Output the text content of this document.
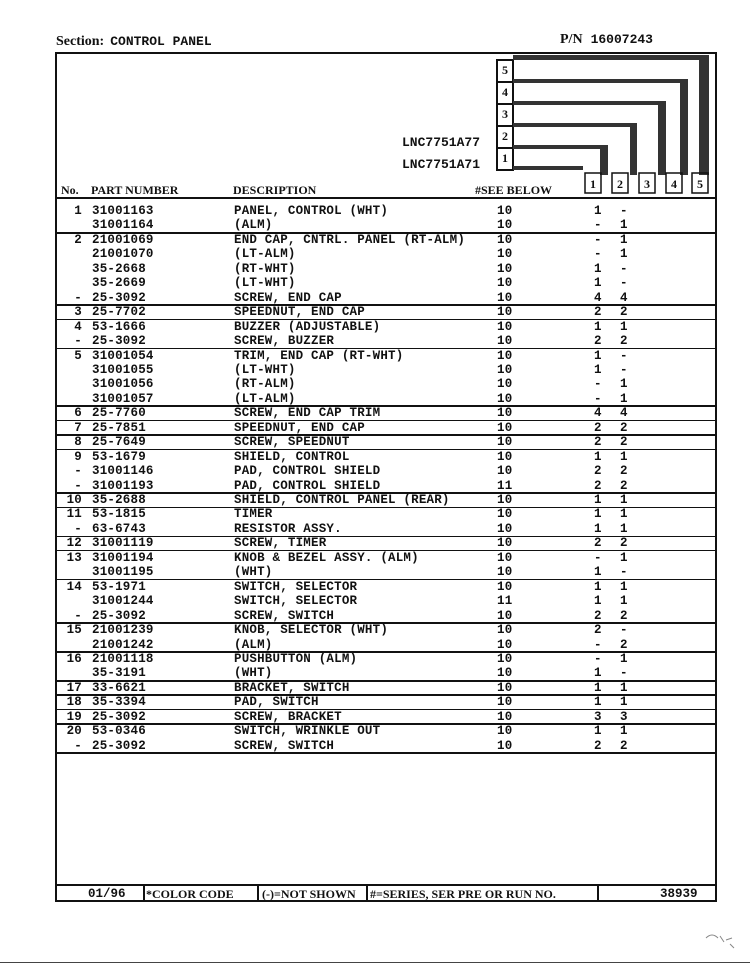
Section: CONTROL PANEL	P/N 16007243
5
4
3
2
1
LNC7751A77
LNC7751A71
No. PART NUMBER	DESCRIPTION	#SEE BELOW	1 2 3 4 5
1 31001163	PANEL, CONTROL (WHT)	10	1 -
31001164	(ALM)	10	- 1
2 21001069	END CAP, CNTRL. PANEL (RT-ALM)	10	- 1
21001070	(LT-ALM)	10	- 1
35-2668	(RT-WHT)	10	1 -
35-2669	(LT-WHT)	10	1 -
- 25-3092	SCREW, END CAP	10	4 4
3 25-7702	SPEEDNUT, END CAP	10	2 2
4 53-1666	BUZZER (ADJUSTABLE)	10	1 1
- 25-3092	SCREW, BUZZER	10	2 2
5 31001054	TRIM, END CAP (RT-WHT)	10	1 -
31001055	(LT-WHT)	10	1 -
31001056	(RT-ALM)	10	- 1
31001057	(LT-ALM)	10	- 1
6 25-7760	SCREW, END CAP TRIM	10	4 4
7 25-7851	SPEEDNUT, END CAP	10	2 2
8 25-7649	SCREW, SPEEDNUT	10	2 2
9 53-1679	SHIELD, CONTROL	10	1 1
- 31001146	PAD, CONTROL SHIELD	10	2 2
- 31001193	PAD, CONTROL SHIELD	11	2 2
10 35-2688	SHIELD, CONTROL PANEL (REAR)	10	1 1
11 53-1815	TIMER	10	1 1
- 63-6743	RESISTOR ASSY.	10	1 1
12 31001119	SCREW, TIMER	10	2 2
13 31001194	KNOB & BEZEL ASSY. (ALM)	10	- 1
31001195	(WHT)	10	1 -
14 53-1971	SWITCH, SELECTOR	10	1 1
31001244	SWITCH, SELECTOR	11	1 1
- 25-3092	SCREW, SWITCH	10	2 2
15 21001239	KNOB, SELECTOR (WHT)	10	2 -
21001242	(ALM)	10	- 2
16 21001118	PUSHBUTTON (ALM)	10	- 1
35-3191	(WHT)	10	1 -
17 33-6621	BRACKET, SWITCH	10	1 1
18 35-3394	PAD, SWITCH	10	1 1
19 25-3092	SCREW, BRACKET	10	3 3
20 53-0346	SWITCH, WRINKLE OUT	10	1 1
- 25-3092	SCREW, SWITCH	10	2 2
01/96 *COLOR CODE (-)=NOT SHOWN #=SERIES, SER PRE OR RUN NO.	38939
